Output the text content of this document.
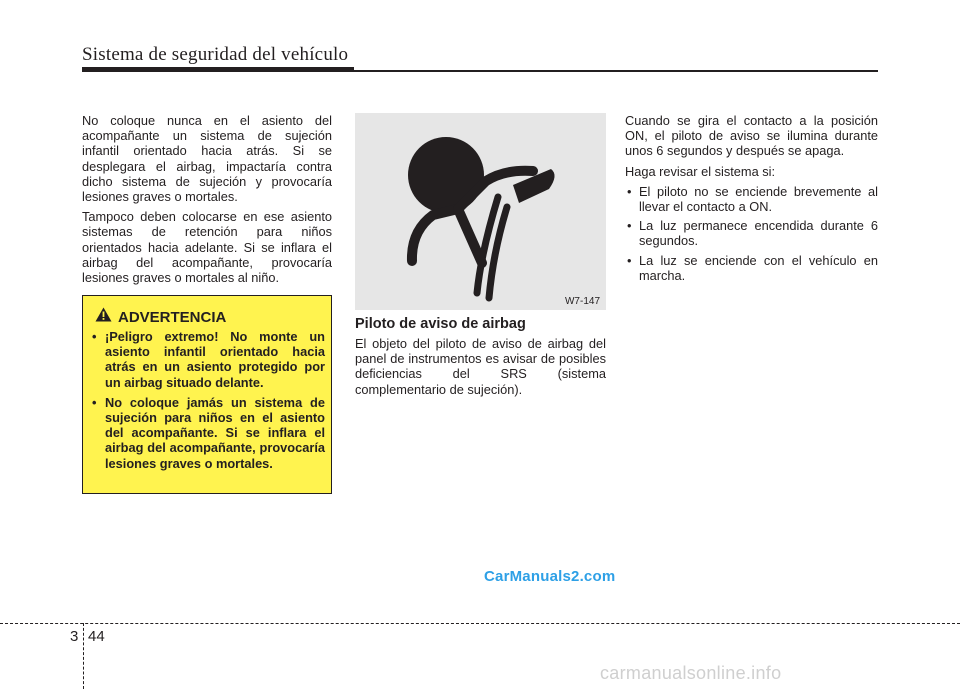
Sistema de seguridad del vehículo

No coloque nunca en el asiento del acompañante un sistema de sujeción infantil orientado hacia atrás. Si se desplegara el airbag, impactaría contra dicho sistema de sujeción y provocaría lesiones graves o mortales.

Tampoco deben colocarse en ese asiento sistemas de retención para niños orientados hacia adelante. Si se inflara el airbag del acompañante, provocaría lesiones graves o mortales al niño.

ADVERTENCIA
• ¡Peligro extremo! No monte un asiento infantil orientado hacia atrás en un asiento protegido por un airbag situado delante.
• No coloque jamás un sistema de sujeción para niños en el asiento del acompañante. Si se inflara el airbag del acompañante, provocaría lesiones graves o mortales.
W7-147
Piloto de aviso de airbag

El objeto del piloto de aviso de airbag del panel de instrumentos es avisar de posibles deficiencias del SRS (sistema complementario de sujeción).

Cuando se gira el contacto a la posición ON, el piloto de aviso se ilumina durante unos 6 segundos y después se apaga.

Haga revisar el sistema si:

• El piloto no se enciende brevemente al llevar el contacto a ON.
• La luz permanece encendida durante 6 segundos.
• La luz se enciende con el vehículo en marcha.
CarManuals2.com
3 44
carmanualsonline.info
